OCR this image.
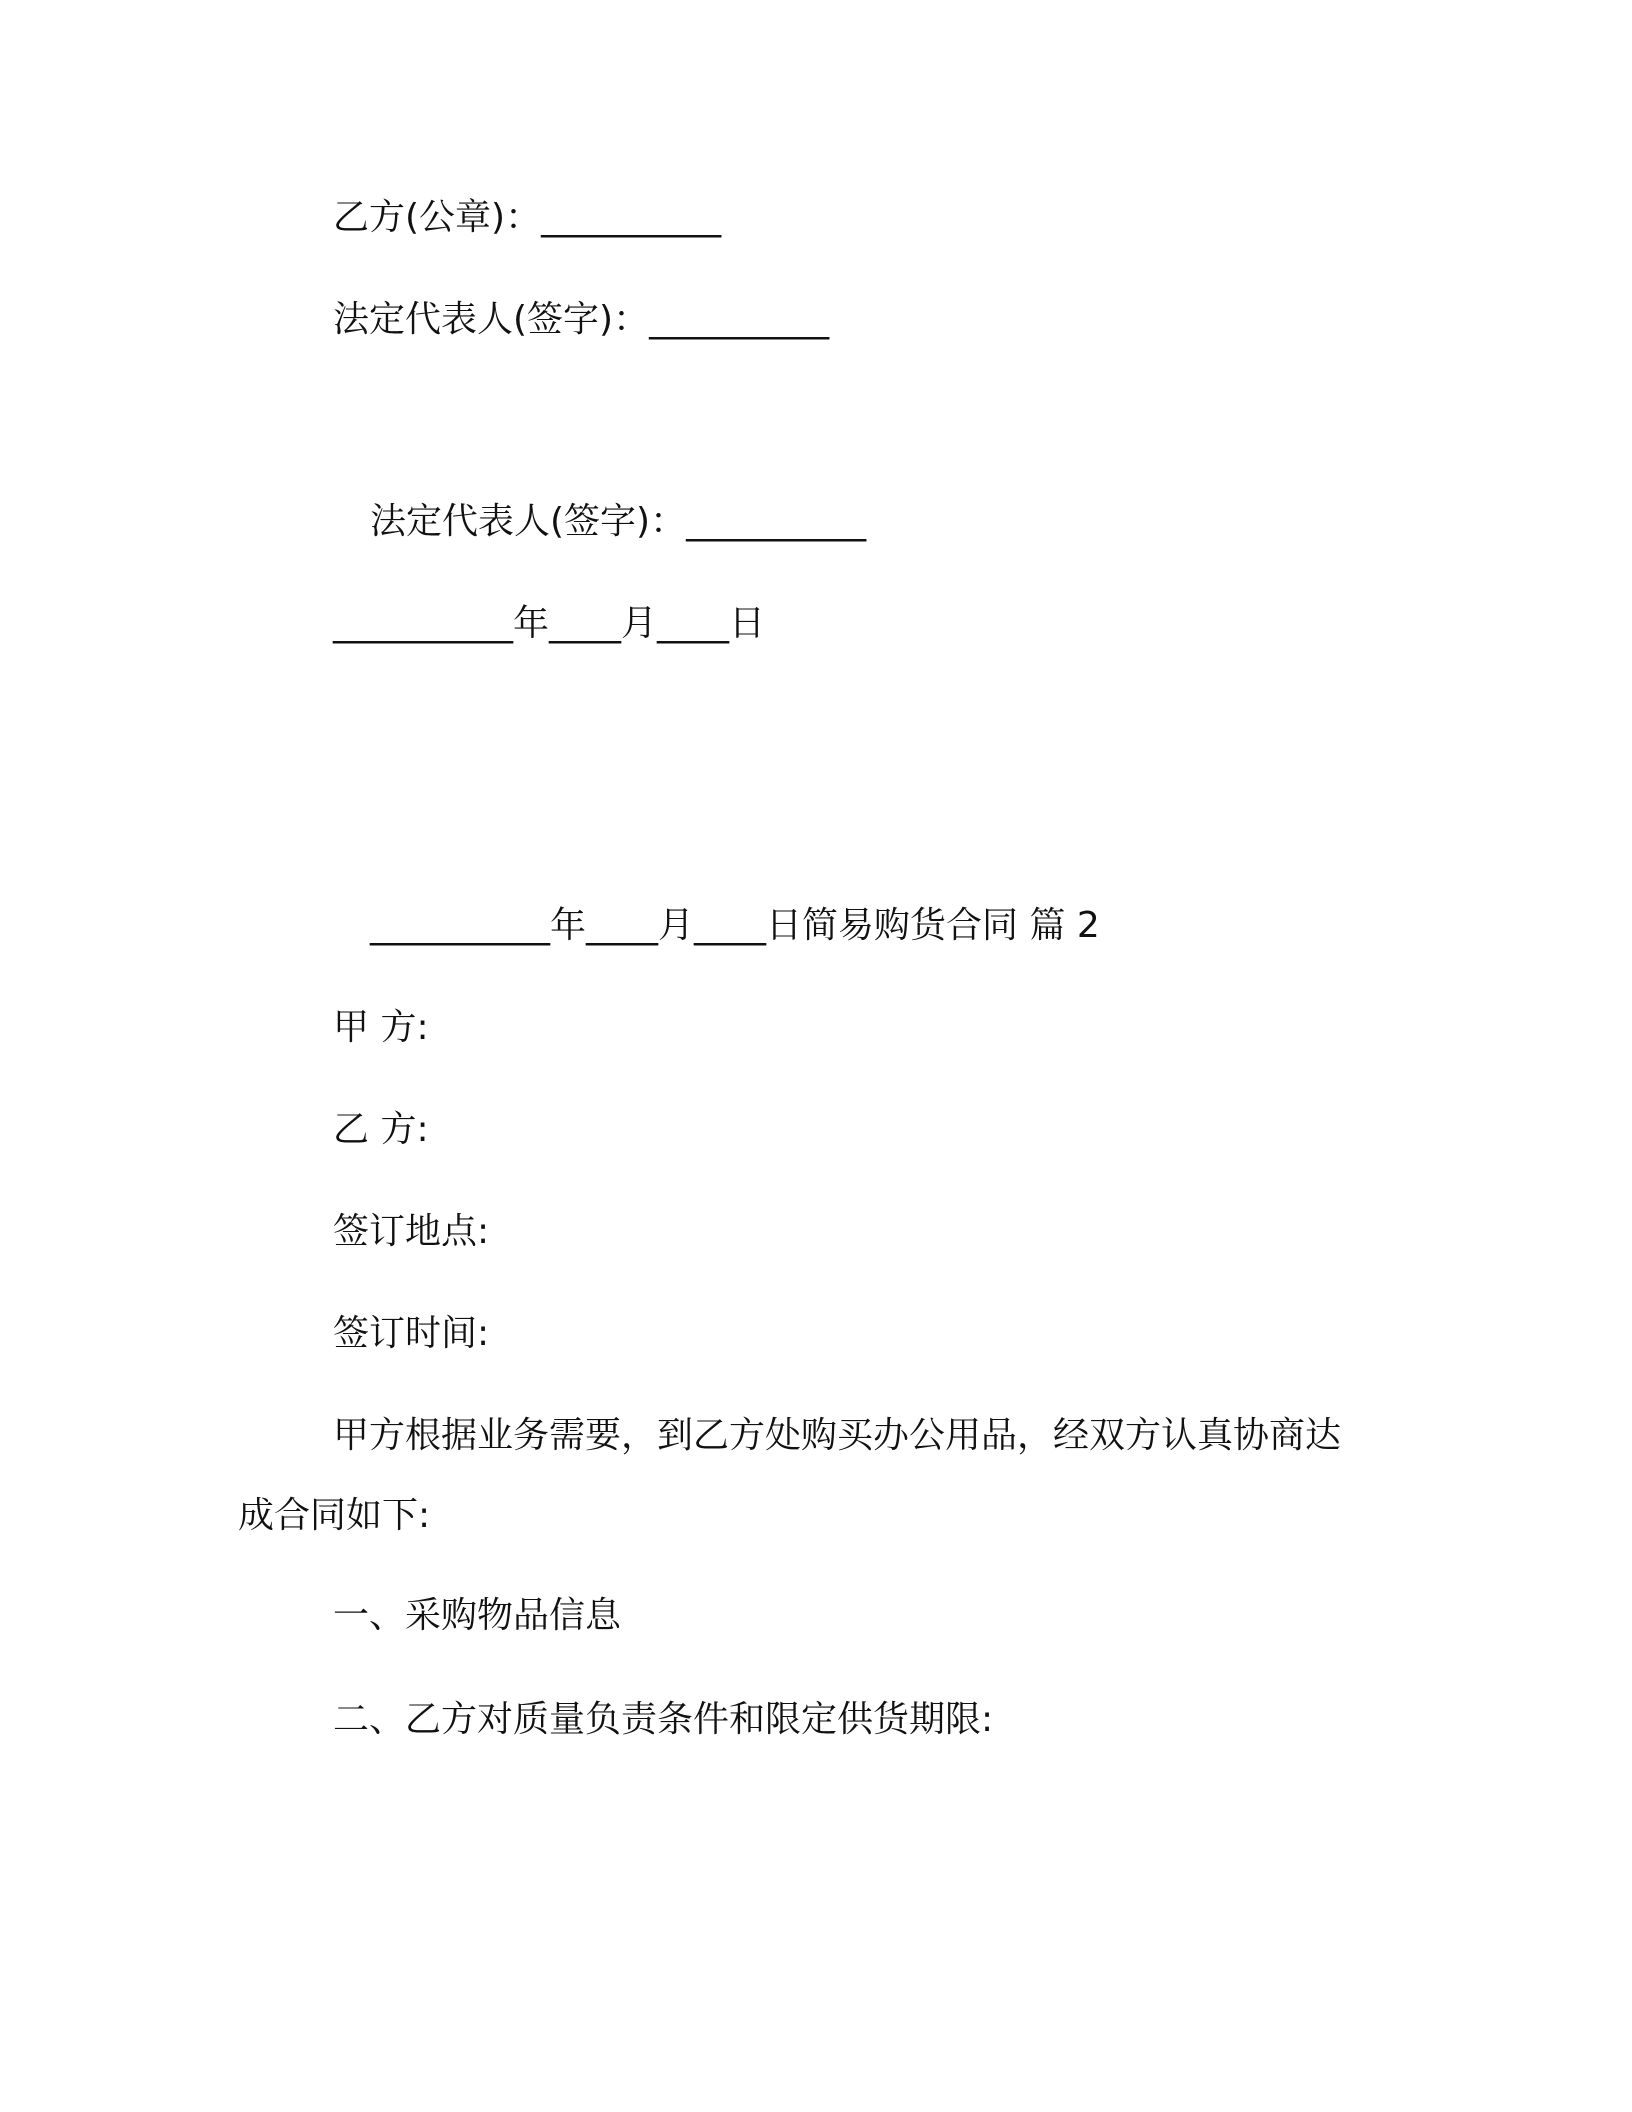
乙方(公章)：__________
法定代表人(签字)：__________
法定代表人(签字)：__________
__________年____月____日
__________年____月____日简易购货合同 篇 2
甲 方:
乙 方:
签订地点:
签订时间:
甲方根据业务需要，到乙方处购买办公用品，经双方认真协商达
成合同如下:
一、采购物品信息
二、乙方对质量负责条件和限定供货期限:
